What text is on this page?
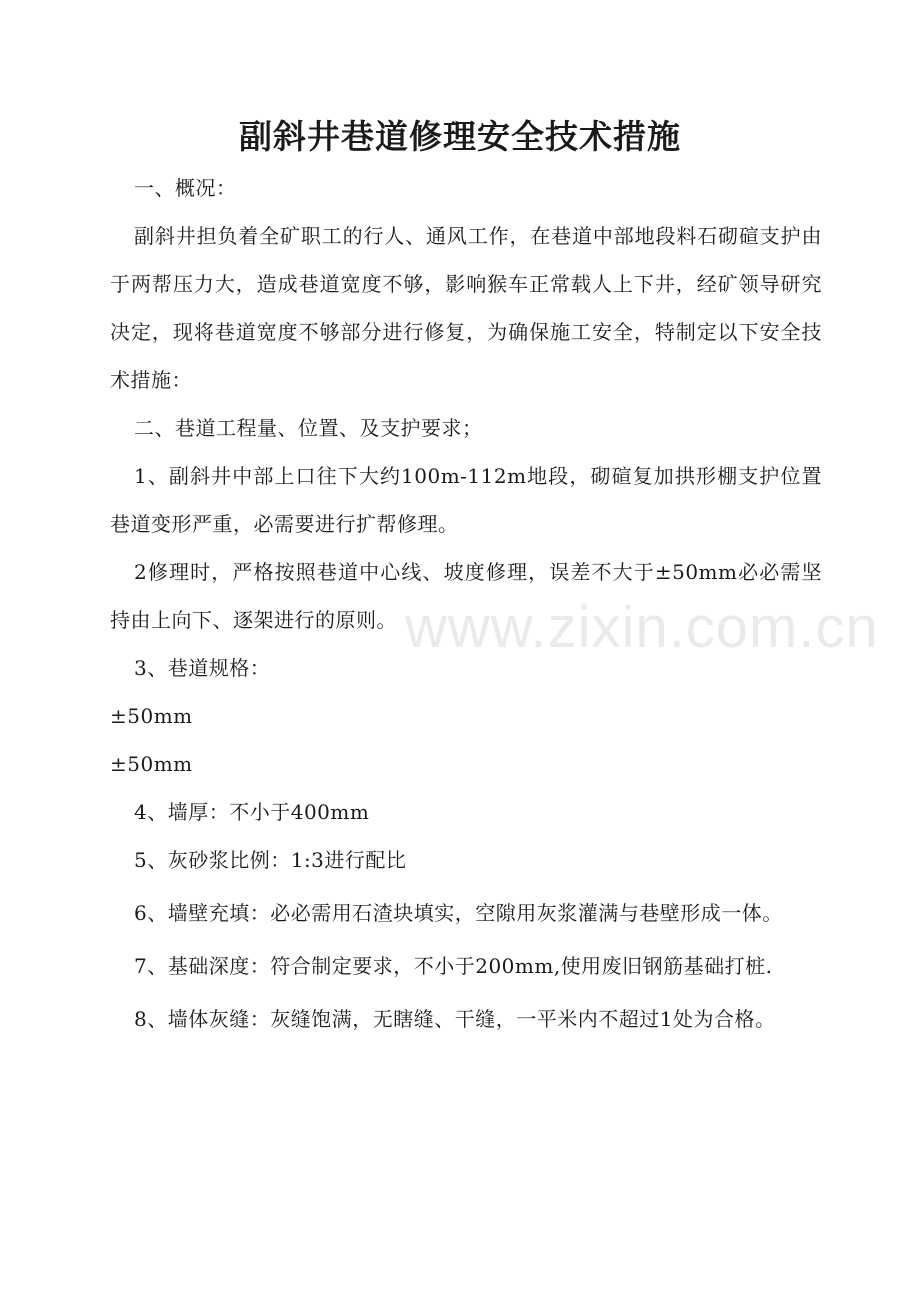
副斜井巷道修理安全技术措施

一、概况：

副斜井担负着全矿职工的行人、通风工作，在巷道中部地段料石砌碹支护由于两帮压力大，造成巷道宽度不够，影响猴车正常载人上下井，经矿领导研究决定，现将巷道宽度不够部分进行修复，为确保施工安全，特制定以下安全技术措施：

二、巷道工程量、位置、及支护要求；

1、副斜井中部上口往下大约100m-112m地段，砌碹复加拱形棚支护位置巷道变形严重，必需要进行扩帮修理。

2修理时，严格按照巷道中心线、坡度修理，误差不大于±50mm必必需坚持由上向下、逐架进行的原则。

3、巷道规格：

±50mm

±50mm

4、墙厚：不小于400mm

5、灰砂浆比例：1:3进行配比

6、墙壁充填：必必需用石渣块填实，空隙用灰浆灌满与巷壁形成一体。

7、基础深度：符合制定要求，不小于200mm,使用废旧钢筋基础打桩.

8、墙体灰缝：灰缝饱满，无瞎缝、干缝，一平米内不超过1处为合格。

www.zixin.com.cn
